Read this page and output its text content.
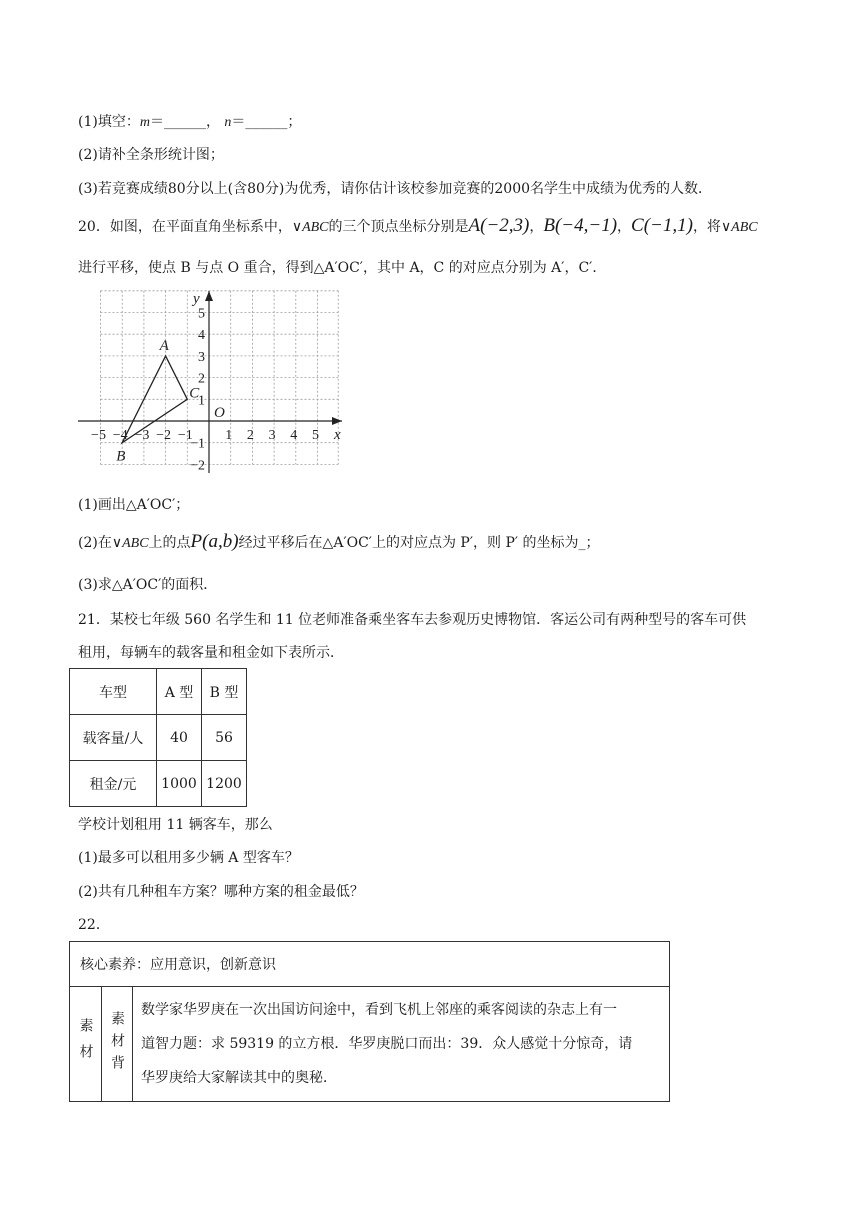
(1)填空：m＝______， n＝______；
(2)请补全条形统计图；
(3)若竞赛成绩80分以上(含80分)为优秀，请你估计该校参加竞赛的2000名学生中成绩为优秀的人数．
20．如图，在平面直角坐标系中，∨ABC的三个顶点坐标分别是A(−2,3)，B(−4,−1)，C(−1,1)，将∨ABC
进行平移，使点 B 与点 O 重合，得到△A′OC′，其中 A，C 的对应点分别为 A′，C′．
−5 −4 −3 −2 −1 1 2 3 4 5
5
4
3
2
1
−1
−2
x
y
O
A
B
C
(1)画出△A′OC′；
(2)在∨ABC上的点P(a,b)经过平移后在△A′OC′上的对应点为 P′，则 P′ 的坐标为_；
(3)求△A′OC′的面积．
21．某校七年级 560 名学生和 11 位老师准备乘坐客车去参观历史博物馆．客运公司有两种型号的客车可供
租用，每辆车的载客量和租金如下表所示．
车型	A 型	B 型
载客量/人	40	56
租金/元	1000	1200
学校计划租用 11 辆客车，那么
(1)最多可以租用多少辆 A 型客车？
(2)共有几种租车方案？哪种方案的租金最低？
22．
核心素养：应用意识，创新意识
素材	素材背	
数学家华罗庚在一次出国访问途中，看到飞机上邻座的乘客阅读的杂志上有一
道智力题：求 59319 的立方根．华罗庚脱口而出：39．众人感觉十分惊奇，请
华罗庚给大家解读其中的奥秘．
